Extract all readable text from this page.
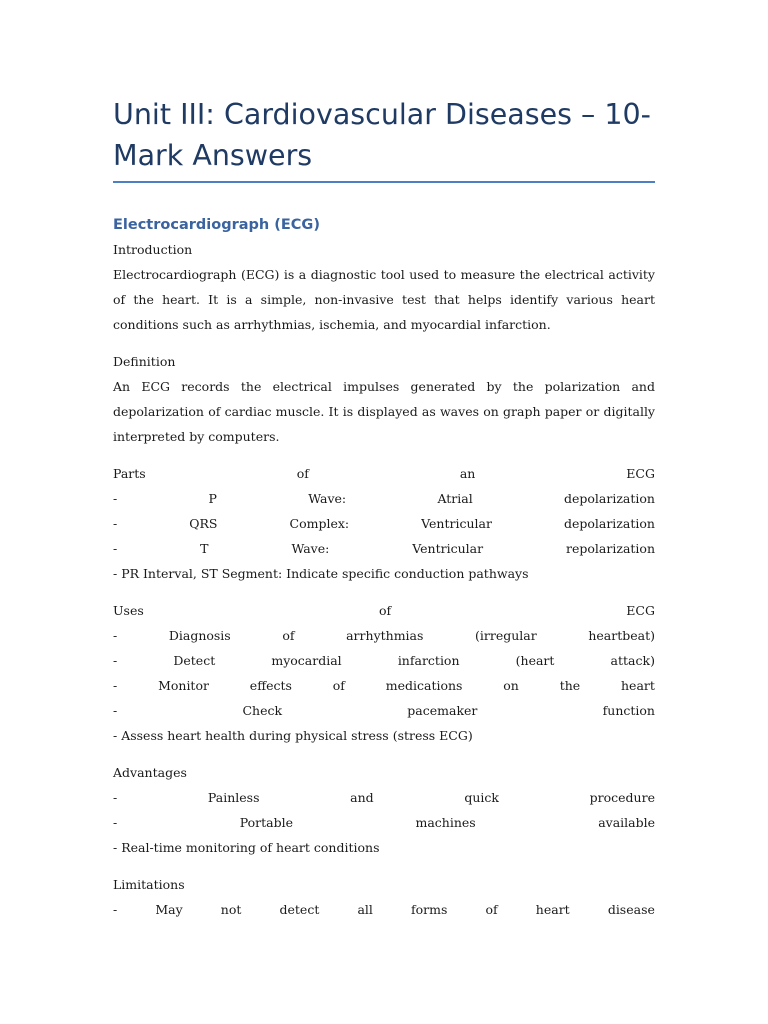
Unit III: Cardiovascular Diseases – 10-Mark Answers
Electrocardiograph (ECG)
Introduction
Electrocardiograph (ECG) is a diagnostic tool used to measure the electrical activity of the heart. It is a simple, non-invasive test that helps identify various heart conditions such as arrhythmias, ischemia, and myocardial infarction.
Definition
An ECG records the electrical impulses generated by the polarization and depolarization of cardiac muscle. It is displayed as waves on graph paper or digitally interpreted by computers.
Parts	of	an	ECG
-	P	Wave:	Atrial	depolarization
-	QRS	Complex:	Ventricular	depolarization
-	T	Wave:	Ventricular	repolarization
- PR Interval, ST Segment: Indicate specific conduction pathways
Uses	of	ECG
-	Diagnosis	of	arrhythmias	(irregular	heartbeat)
-	Detect	myocardial	infarction	(heart	attack)
-	Monitor	effects	of	medications	on	the	heart
-	Check	pacemaker	function
- Assess heart health during physical stress (stress ECG)
Advantages
-	Painless	and	quick	procedure
-	Portable	machines	available
- Real-time monitoring of heart conditions
Limitations
-	May	not	detect	all	forms	of	heart	disease
